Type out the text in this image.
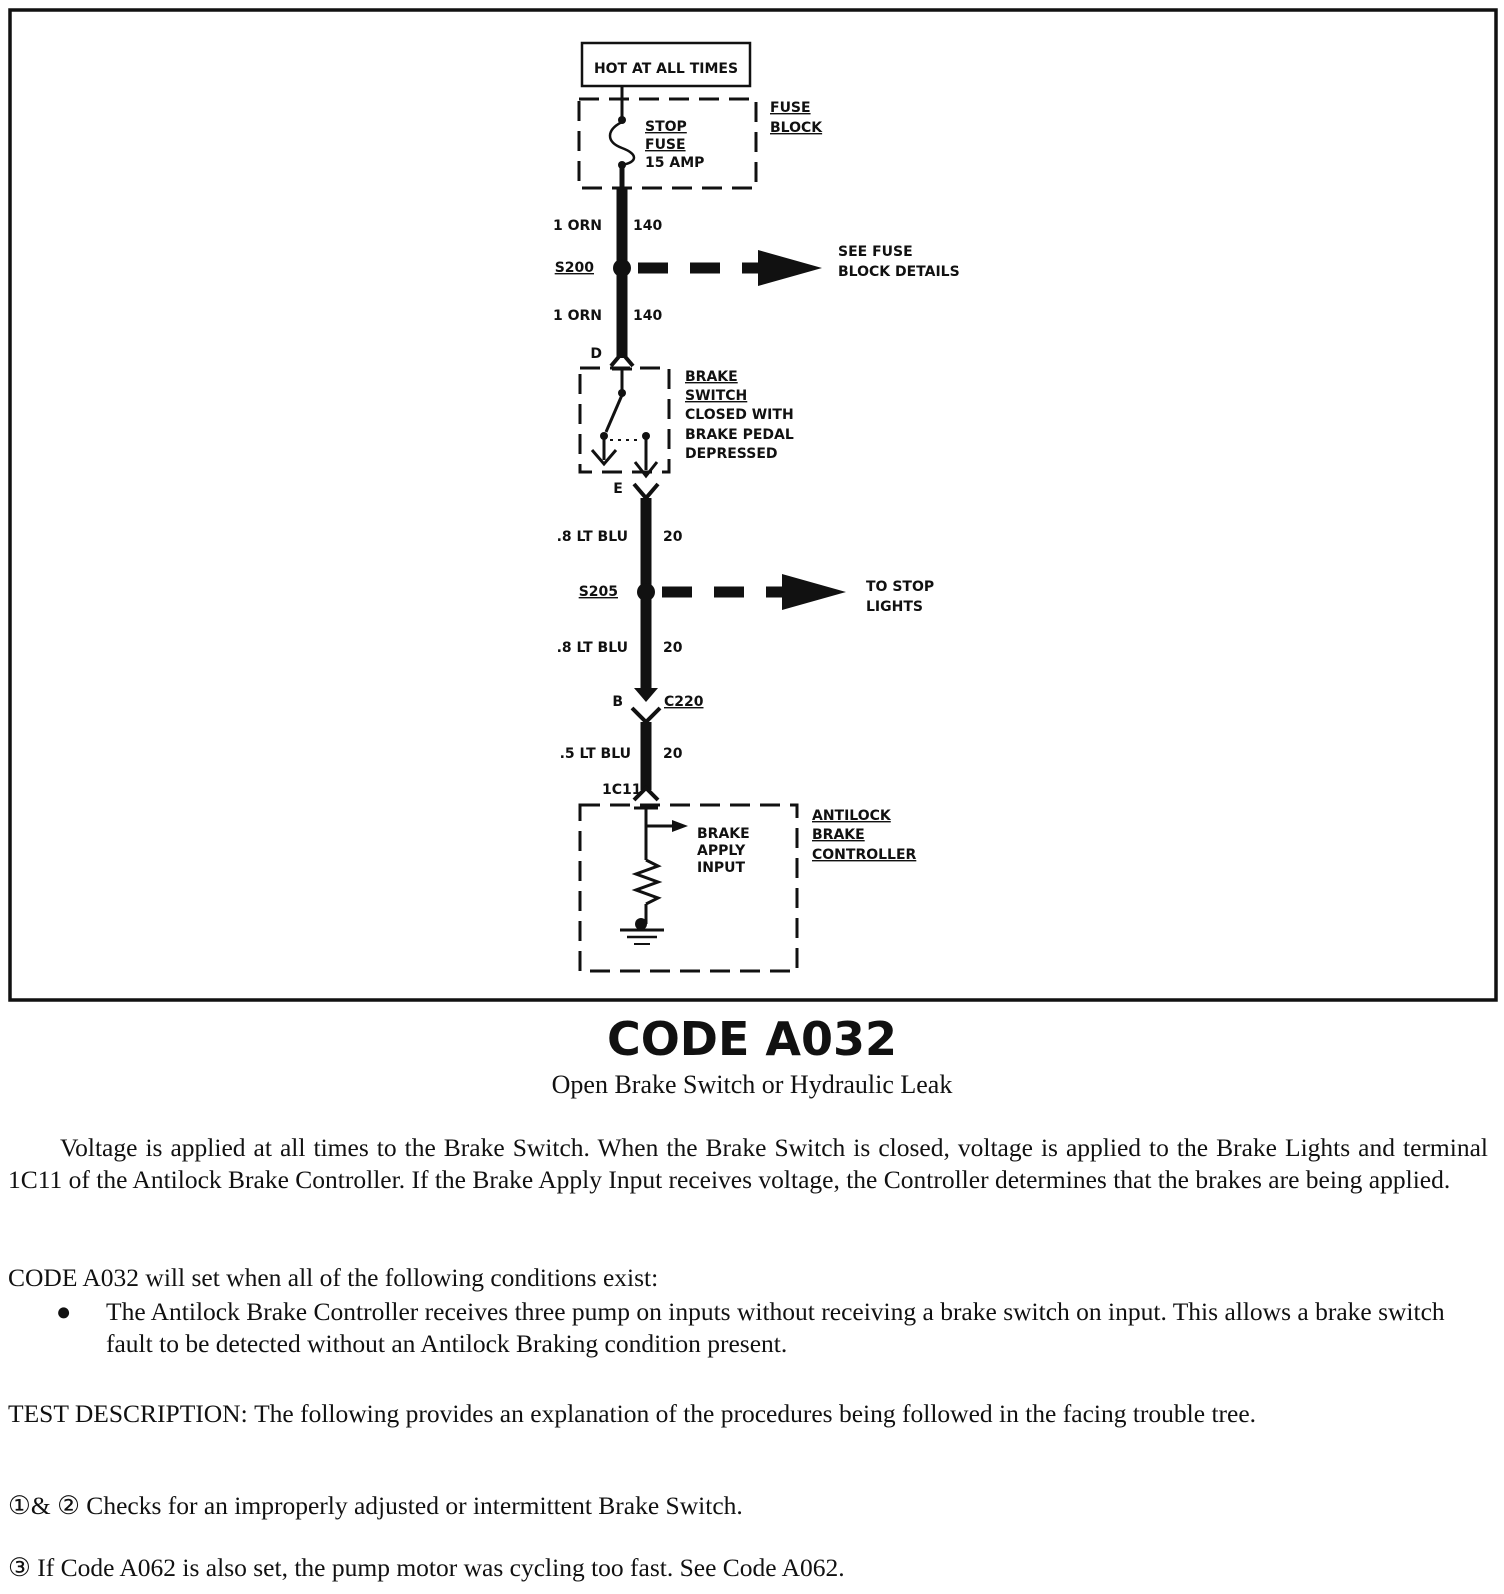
HOT AT ALL TIMES
FUSE
BLOCK
STOP
FUSE
15 AMP
1 ORN 140
S200
SEE FUSE
BLOCK DETAILS
1 ORN 140
D
E
BRAKE
SWITCH
CLOSED WITH
BRAKE PEDAL
DEPRESSED
.8 LT BLU	20
S205	TO STOP
LIGHTS
.8 LT BLU	20
B	C220
.5 LT BLU 20
1C11
BRAKE
APPLY
INPUT
ANTILOCK
BRAKE
CONTROLLER
CODE A032
Open Brake Switch or Hydraulic Leak
Voltage is applied at all times to the Brake Switch. When the Brake Switch is closed, voltage is applied to the Brake Lights and terminal 1C11 of the Antilock Brake Controller. If the Brake Apply Input receives voltage, the Controller determines that the brakes are being applied.
CODE A032 will set when all of the following conditions exist:
● The Antilock Brake Controller receives three pump on inputs without receiving a brake switch on input. This allows a brake switch fault to be detected without an Antilock Braking condition present.
TEST DESCRIPTION: The following provides an explanation of the procedures being followed in the facing trouble tree.
①& ② Checks for an improperly adjusted or intermittent Brake Switch.
③ If Code A062 is also set, the pump motor was cycling too fast. See Code A062.
